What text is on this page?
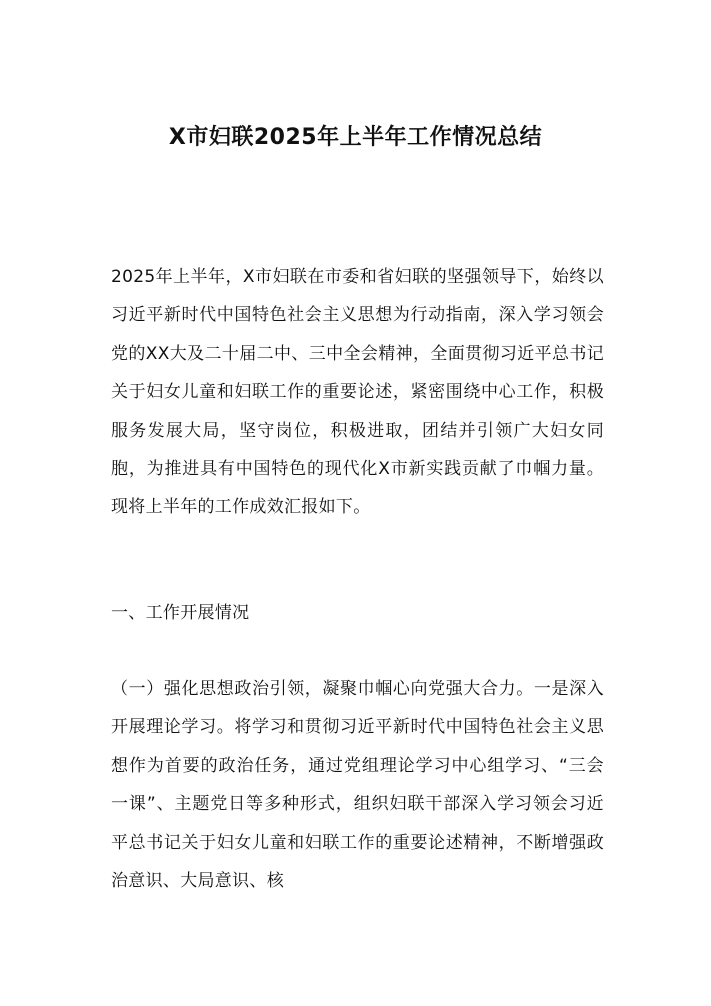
X市妇联2025年上半年工作情况总结

2025年上半年，X市妇联在市委和省妇联的坚强领导下，始终以习近平新时代中国特色社会主义思想为行动指南，深入学习领会党的XX大及二十届二中、三中全会精神，全面贯彻习近平总书记关于妇女儿童和妇联工作的重要论述，紧密围绕中心工作，积极服务发展大局，坚守岗位，积极进取，团结并引领广大妇女同胞，为推进具有中国特色的现代化X市新实践贡献了巾帼力量。现将上半年的工作成效汇报如下。

一、工作开展情况

（一）强化思想政治引领，凝聚巾帼心向党强大合力。一是深入开展理论学习。将学习和贯彻习近平新时代中国特色社会主义思想作为首要的政治任务，通过党组理论学习中心组学习、“三会一课”、主题党日等多种形式，组织妇联干部深入学习领会习近平总书记关于妇女儿童和妇联工作的重要论述精神，不断增强政治意识、大局意识、核
